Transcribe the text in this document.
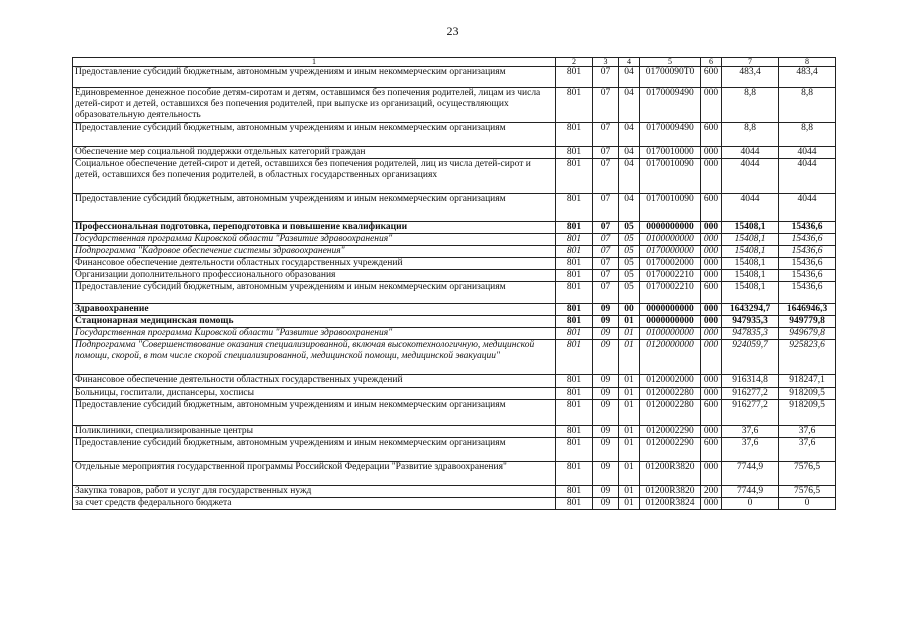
23
1	2	3	4	5	6	7	8
Предоставление субсидий бюджетным, автономным учреждениям и иным некоммерческим организациям	801	07	04	01700090Т0	600	483,4	483,4
Единовременное денежное пособие детям-сиротам и детям, оставшимся без попечения родителей, лицам из числа детей-сирот и детей, оставшихся без попечения родителей, при выпуске из организаций, осуществляющих образовательную деятельность	801	07	04	0170009490	000	8,8	8,8
Предоставление субсидий бюджетным, автономным учреждениям и иным некоммерческим организациям	801	07	04	0170009490	600	8,8	8,8
Обеспечение мер социальной поддержки отдельных категорий граждан	801	07	04	0170010000	000	4044	4044
Социальное обеспечение детей-сирот и детей, оставшихся без попечения родителей, лиц из числа детей-сирот и детей, оставшихся без попечения родителей, в областных государственных организациях	801	07	04	0170010090	000	4044	4044
Предоставление субсидий бюджетным, автономным учреждениям и иным некоммерческим организациям	801	07	04	0170010090	600	4044	4044
Профессиональная подготовка, переподготовка и повышение квалификации	801	07	05	0000000000	000	15408,1	15436,6
Государственная программа Кировской области "Развитие здравоохранения"	801	07	05	0100000000	000	15408,1	15436,6
Подпрограмма "Кадровое обеспечение системы здравоохранения"	801	07	05	0170000000	000	15408,1	15436,6
Финансовое обеспечение деятельности областных государственных учреждений	801	07	05	0170002000	000	15408,1	15436,6
Организации дополнительного профессионального образования	801	07	05	0170002210	000	15408,1	15436,6
Предоставление субсидий бюджетным, автономным учреждениям и иным некоммерческим организациям	801	07	05	0170002210	600	15408,1	15436,6
Здравоохранение	801	09	00	0000000000	000	1643294,7	1646946,3
Стационарная медицинская помощь	801	09	01	0000000000	000	947935,3	949779,8
Государственная программа Кировской области "Развитие здравоохранения"	801	09	01	0100000000	000	947835,3	949679,8
Подпрограмма "Совершенствование оказания специализированной, включая высокотехнологичную, медицинской помощи, скорой, в том числе скорой специализированной, медицинской помощи, медицинской эвакуации"	801	09	01	0120000000	000	924059,7	925823,6
Финансовое обеспечение деятельности областных государственных учреждений	801	09	01	0120002000	000	916314,8	918247,1
Больницы, госпитали, диспансеры, хосписы	801	09	01	0120002280	000	916277,2	918209,5
Предоставление субсидий бюджетным, автономным учреждениям и иным некоммерческим организациям	801	09	01	0120002280	600	916277,2	918209,5
Поликлиники, специализированные центры	801	09	01	0120002290	000	37,6	37,6
Предоставление субсидий бюджетным, автономным учреждениям и иным некоммерческим организациям	801	09	01	0120002290	600	37,6	37,6
Отдельные мероприятия государственной программы Российской Федерации "Развитие здравоохранения"	801	09	01	01200R3820	000	7744,9	7576,5
Закупка товаров, работ и услуг для государственных нужд	801	09	01	01200R3820	200	7744,9	7576,5
за счет средств федерального бюджета	801	09	01	01200R3824	000	0	0
